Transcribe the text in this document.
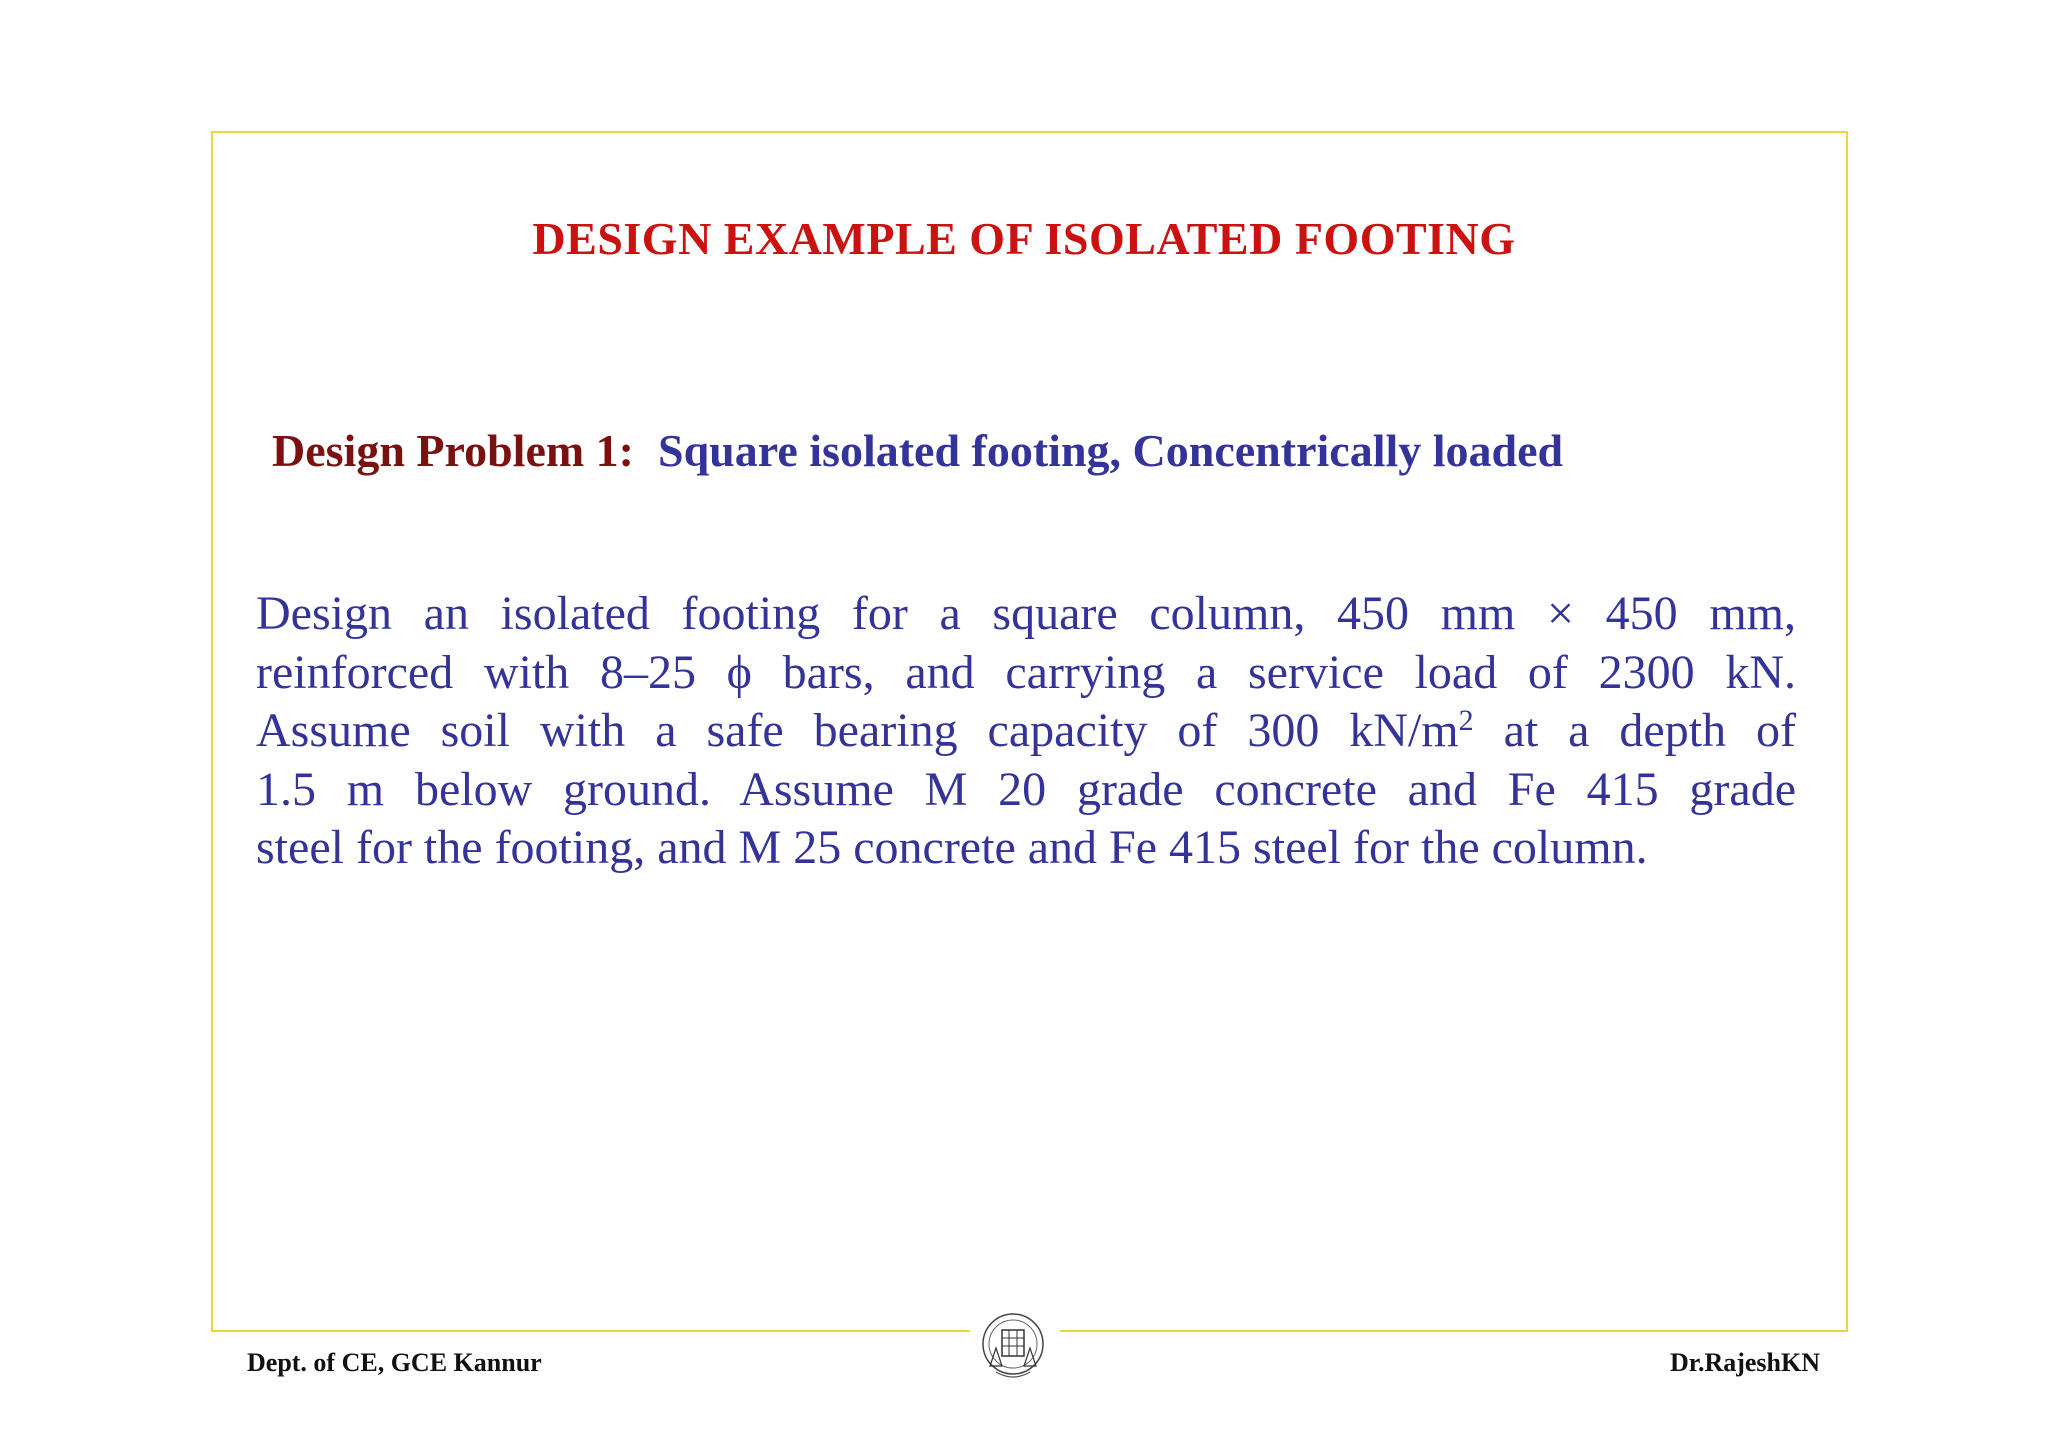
DESIGN EXAMPLE OF ISOLATED FOOTING
Design Problem 1: Square isolated footing, Concentrically loaded
Design an isolated footing for a square column, 450 mm × 450 mm,
reinforced with 8–25 ϕ bars, and carrying a service load of 2300 kN.
Assume soil with a safe bearing capacity of 300 $kN/m^2$ at a depth of
1.5 m below ground. Assume M 20 grade concrete and Fe 415 grade
steel for the footing, and M 25 concrete and Fe 415 steel for the column.
Dept. of CE, GCE Kannur	Dr.RajeshKN
